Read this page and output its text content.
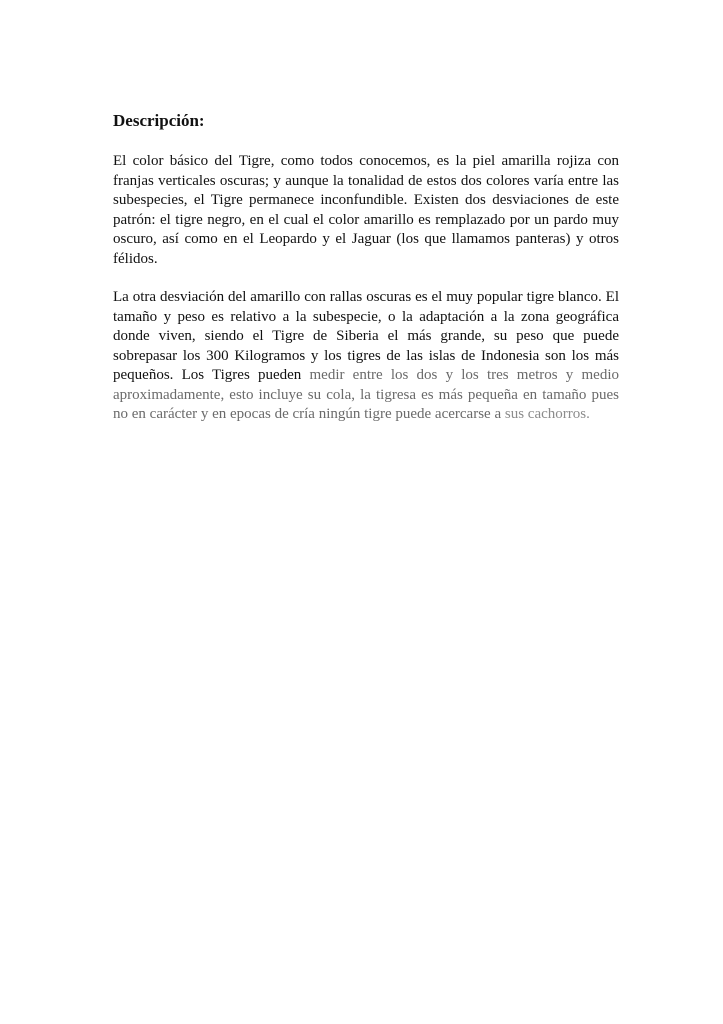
Descripción:

El color básico del Tigre, como todos conocemos, es la piel amarilla rojiza con franjas verticales oscuras; y aunque la tonalidad de estos dos colores varía entre las subespecies, el Tigre permanece inconfundible. Existen dos desviaciones de este patrón: el tigre negro, en el cual el color amarillo es remplazado por un pardo muy oscuro, así como en el Leopardo y el Jaguar (los que llamamos panteras) y otros félidos.

La otra desviación del amarillo con rallas oscuras es el muy popular tigre blanco. El tamaño y peso es relativo a la subespecie, o la adaptación a la zona geográfica donde viven, siendo el Tigre de Siberia el más grande, su peso que puede sobrepasar los 300 Kilogramos y los tigres de las islas de Indonesia son los más pequeños. Los Tigres pueden medir entre los dos y los tres metros y medio aproximadamente, esto incluye su cola, la tigresa es más pequeña en tamaño pues no en carácter y en epocas de cría ningún tigre puede acercarse a sus cachorros.
